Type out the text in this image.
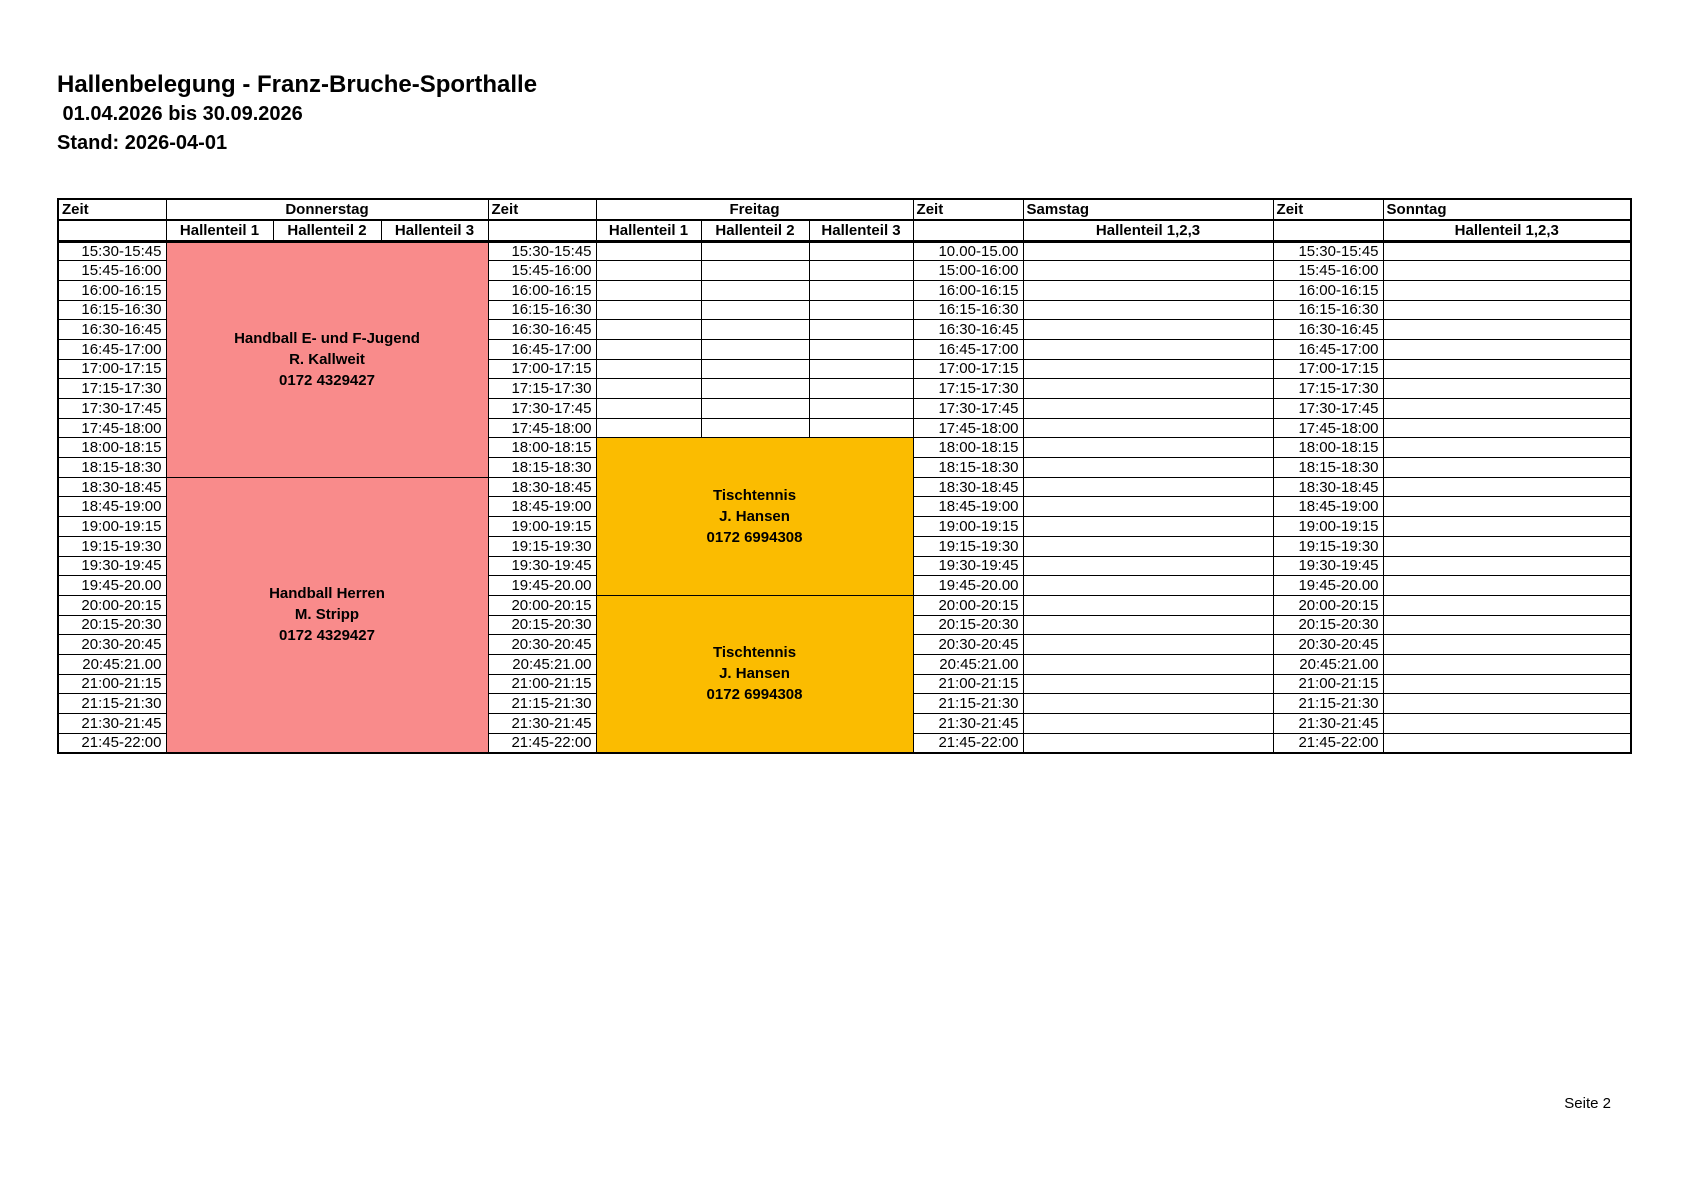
Hallenbelegung - Franz-Bruche-Sporthalle
01.04.2026 bis 30.09.2026
Stand: 2026-04-01
Zeit	Donnerstag			Zeit	Freitag			Zeit	Samstag	Zeit	Sonntag
	Hallenteil 1	Hallenteil 2	Hallenteil 3		Hallenteil 1	Hallenteil 2	Hallenteil 3		Hallenteil 1,2,3		Hallenteil 1,2,3
15:30-15:45	Handball E- und F-Jugend
R. Kallweit
0172 4329427			15:30-15:45				10.00-15.00		15:30-15:45	
15:45-16:00				15:45-16:00				15:00-16:00		15:45-16:00	
16:00-16:15				16:00-16:15				16:00-16:15		16:00-16:15	
16:15-16:30				16:15-16:30				16:15-16:30		16:15-16:30	
16:30-16:45				16:30-16:45				16:30-16:45		16:30-16:45	
16:45-17:00				16:45-17:00				16:45-17:00		16:45-17:00	
17:00-17:15				17:00-17:15				17:00-17:15		17:00-17:15	
17:15-17:30				17:15-17:30				17:15-17:30		17:15-17:30	
17:30-17:45				17:30-17:45				17:30-17:45		17:30-17:45	
17:45-18:00				17:45-18:00				17:45-18:00		17:45-18:00	
18:00-18:15				18:00-18:15	Tischtennis
J. Hansen
0172 6994308			18:00-18:15		18:00-18:15	
18:15-18:30				18:15-18:30				18:15-18:30		18:15-18:30	
18:30-18:45	Handball Herren
M. Stripp
0172 4329427			18:30-18:45				18:30-18:45		18:30-18:45	
18:45-19:00				18:45-19:00				18:45-19:00		18:45-19:00	
19:00-19:15				19:00-19:15				19:00-19:15		19:00-19:15	
19:15-19:30				19:15-19:30				19:15-19:30		19:15-19:30	
19:30-19:45				19:30-19:45				19:30-19:45		19:30-19:45	
19:45-20.00				19:45-20.00				19:45-20.00		19:45-20.00	
20:00-20:15				20:00-20:15	Tischtennis
J. Hansen
0172 6994308			20:00-20:15		20:00-20:15	
20:15-20:30				20:15-20:30				20:15-20:30		20:15-20:30	
20:30-20:45				20:30-20:45				20:30-20:45		20:30-20:45	
20:45:21.00				20:45:21.00				20:45:21.00		20:45:21.00	
21:00-21:15				21:00-21:15				21:00-21:15		21:00-21:15	
21:15-21:30				21:15-21:30				21:15-21:30		21:15-21:30	
21:30-21:45				21:30-21:45				21:30-21:45		21:30-21:45	
21:45-22:00				21:45-22:00				21:45-22:00		21:45-22:00	
Seite 2
